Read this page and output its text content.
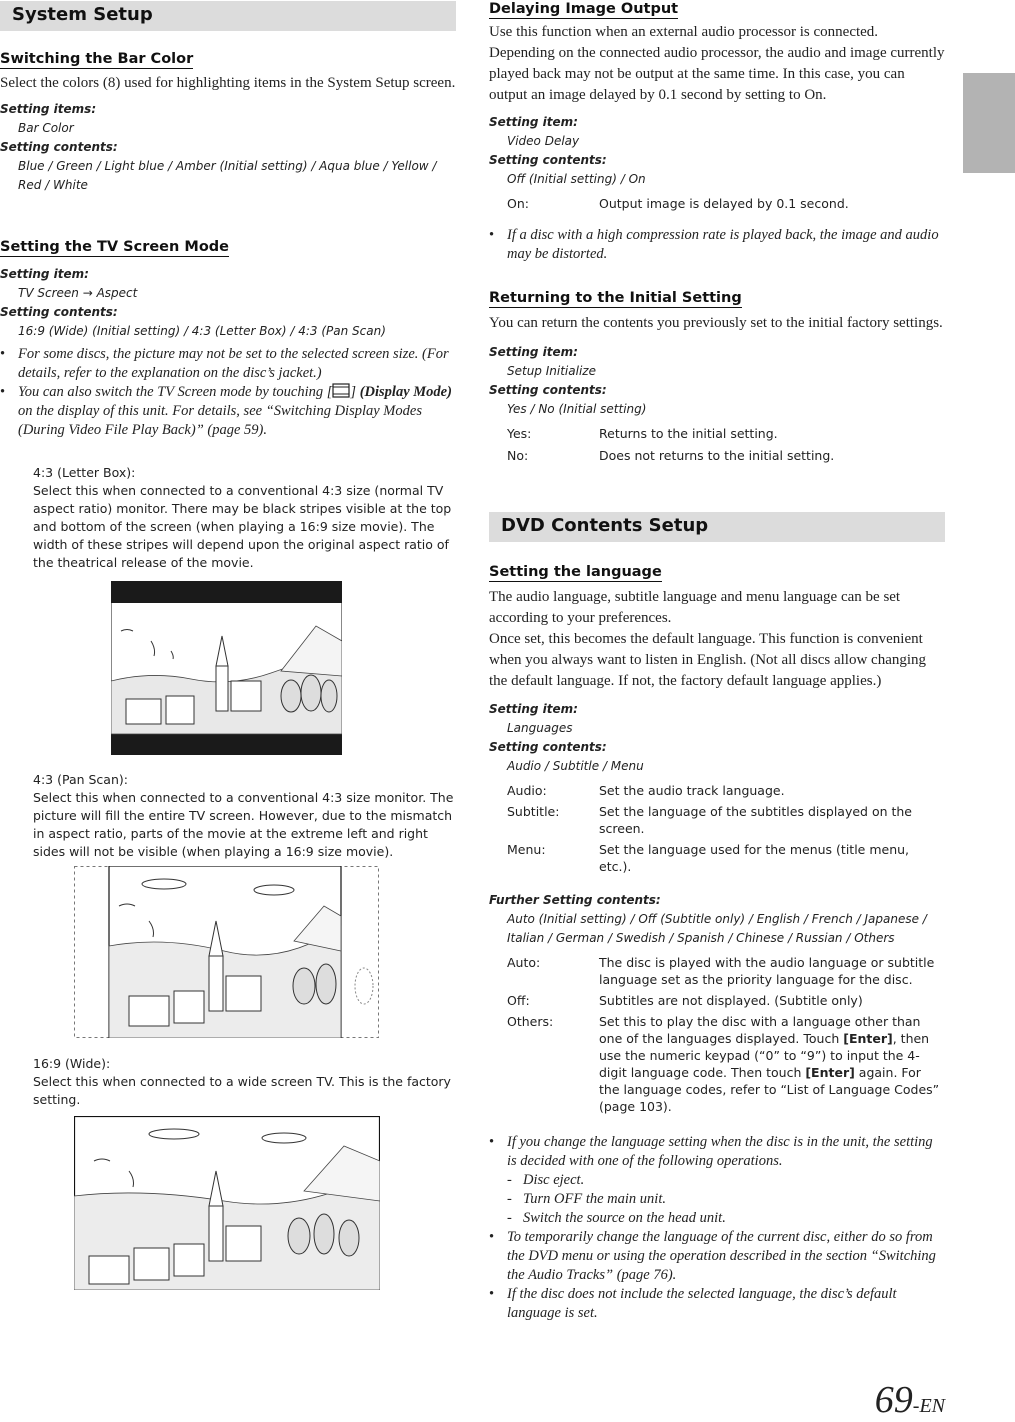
System Setup
Switching the Bar Color

Select the colors (8) used for highlighting items in the System Setup screen.

Setting items:

Bar Color

Setting contents:

Blue / Green / Light blue / Amber (Initial setting) / Aqua blue / Yellow / Red / White

Setting the TV Screen Mode

Setting item:

TV Screen → Aspect

Setting contents:

16:9 (Wide) (Initial setting) / 4:3 (Letter Box) / 4:3 (Pan Scan)

• For some discs, the picture may not be set to the selected screen size. (For details, refer to the explanation on the disc’s jacket.)

• You can also switch the TV Screen mode by touching [ ] (Display Mode) on the display of this unit. For details, see “Switching Display Modes (During Video File Play Back)” (page 59).

4:3 (Letter Box):

Select this when connected to a conventional 4:3 size (normal TV aspect ratio) monitor. There may be black stripes visible at the top and bottom of the screen (when playing a 16:9 size movie). The width of these stripes will depend upon the original aspect ratio of the theatrical release of the movie.

4:3 (Pan Scan):

Select this when connected to a conventional 4:3 size monitor. The picture will fill the entire TV screen. However, due to the mismatch in aspect ratio, parts of the movie at the extreme left and right sides will not be visible (when playing a 16:9 size movie).

16:9 (Wide):

Select this when connected to a wide screen TV. This is the factory setting.

Delaying Image Output

Use this function when an external audio processor is connected. Depending on the connected audio processor, the audio and image currently played back may not be output at the same time. In this case, you can output an image delayed by 0.1 second by setting to On.

Setting item:

Video Delay

Setting contents:

Off (Initial setting) / On

On:	Output image is delayed by 0.1 second.

• If a disc with a high compression rate is played back, the image and audio may be distorted.

Returning to the Initial Setting

You can return the contents you previously set to the initial factory settings.

Setting item:

Setup Initialize

Setting contents:

Yes / No (Initial setting)

Yes:	Returns to the initial setting.
No:	Does not returns to the initial setting.
DVD Contents Setup
Setting the language

The audio language, subtitle language and menu language can be set according to your preferences.

Once set, this becomes the default language. This function is convenient when you always want to listen in English. (Not all discs allow changing the default language. If not, the factory default language applies.)

Setting item:

Languages

Setting contents:

Audio / Subtitle / Menu

Audio:	Set the audio track language.
Subtitle:	Set the language of the subtitles displayed on the screen.
Menu:	Set the language used for the menus (title menu, etc.).

Further Setting contents:

Auto (Initial setting) / Off (Subtitle only) / English / French / Japanese / Italian / German / Swedish / Spanish / Chinese / Russian / Others

Auto:	The disc is played with the audio language or subtitle language set as the priority language for the disc.
Off:	Subtitles are not displayed. (Subtitle only)
Others:	Set this to play the disc with a language other than one of the languages displayed. Touch [Enter], then use the numeric keypad (“0” to “9”) to input the 4-digit language code. Then touch [Enter] again. For the language codes, refer to “List of Language Codes” (page 103).

• If you change the language setting when the disc is in the unit, the setting is decided with one of the following operations.

- Disc eject.

- Turn OFF the main unit.

- Switch the source on the head unit.

• To temporarily change the language of the current disc, either do so from the DVD menu or using the operation described in the section “Switching the Audio Tracks” (page 76).

• If the disc does not include the selected language, the disc’s default language is set.

69-EN
